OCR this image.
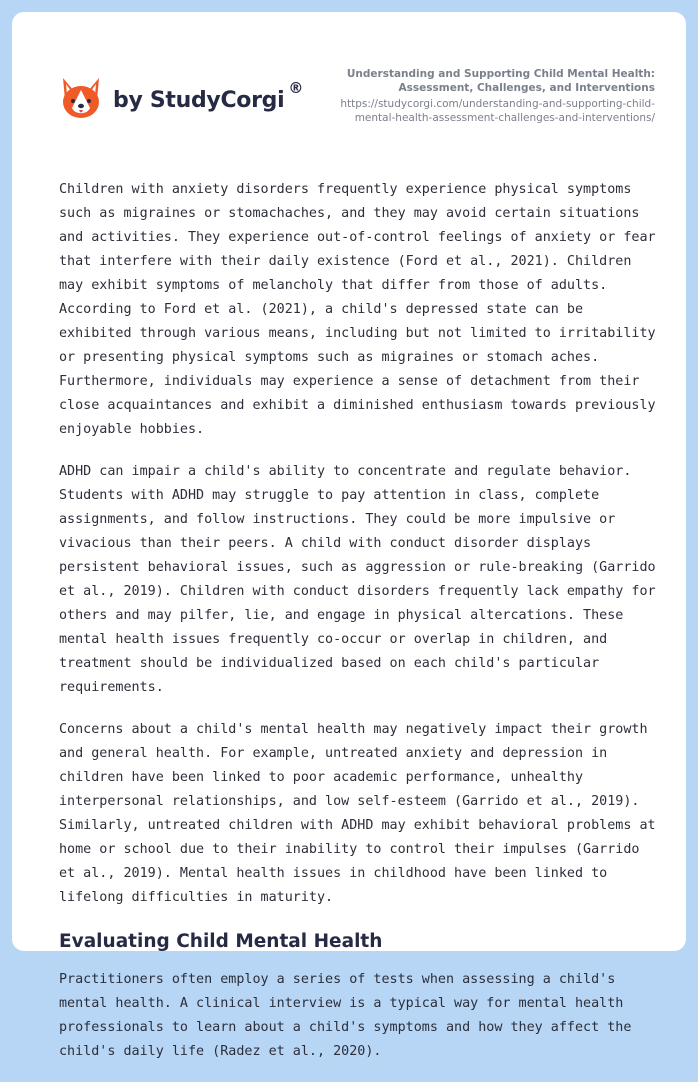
by StudyCorgi ®

Understanding and Supporting Child Mental Health:

Assessment, Challenges, and Interventions

https://studycorgi.com/understanding-and-supporting-child-
mental-health-assessment-challenges-and-interventions/

Children with anxiety disorders frequently experience physical symptoms such as migraines or stomachaches, and they may avoid certain situations and activities. They experience out-of-control feelings of anxiety or fear that interfere with their daily existence (Ford et al., 2021). Children may exhibit symptoms of melancholy that differ from those of adults. According to Ford et al. (2021), a child's depressed state can be exhibited through various means, including but not limited to irritability or presenting physical symptoms such as migraines or stomach aches. Furthermore, individuals may experience a sense of detachment from their close acquaintances and exhibit a diminished enthusiasm towards previously enjoyable hobbies.

ADHD can impair a child's ability to concentrate and regulate behavior. Students with ADHD may struggle to pay attention in class, complete assignments, and follow instructions. They could be more impulsive or vivacious than their peers. A child with conduct disorder displays persistent behavioral issues, such as aggression or rule-breaking (Garrido et al., 2019). Children with conduct disorders frequently lack empathy for others and may pilfer, lie, and engage in physical altercations. These mental health issues frequently co-occur or overlap in children, and treatment should be individualized based on each child's particular requirements.

Concerns about a child's mental health may negatively impact their growth and general health. For example, untreated anxiety and depression in children have been linked to poor academic performance, unhealthy interpersonal relationships, and low self-esteem (Garrido et al., 2019). Similarly, untreated children with ADHD may exhibit behavioral problems at home or school due to their inability to control their impulses (Garrido et al., 2019). Mental health issues in childhood have been linked to lifelong difficulties in maturity.

Evaluating Child Mental Health

Practitioners often employ a series of tests when assessing a child's mental health. A clinical interview is a typical way for mental health professionals to learn about a child's symptoms and how they affect the child's daily life (Radez et al., 2020).
